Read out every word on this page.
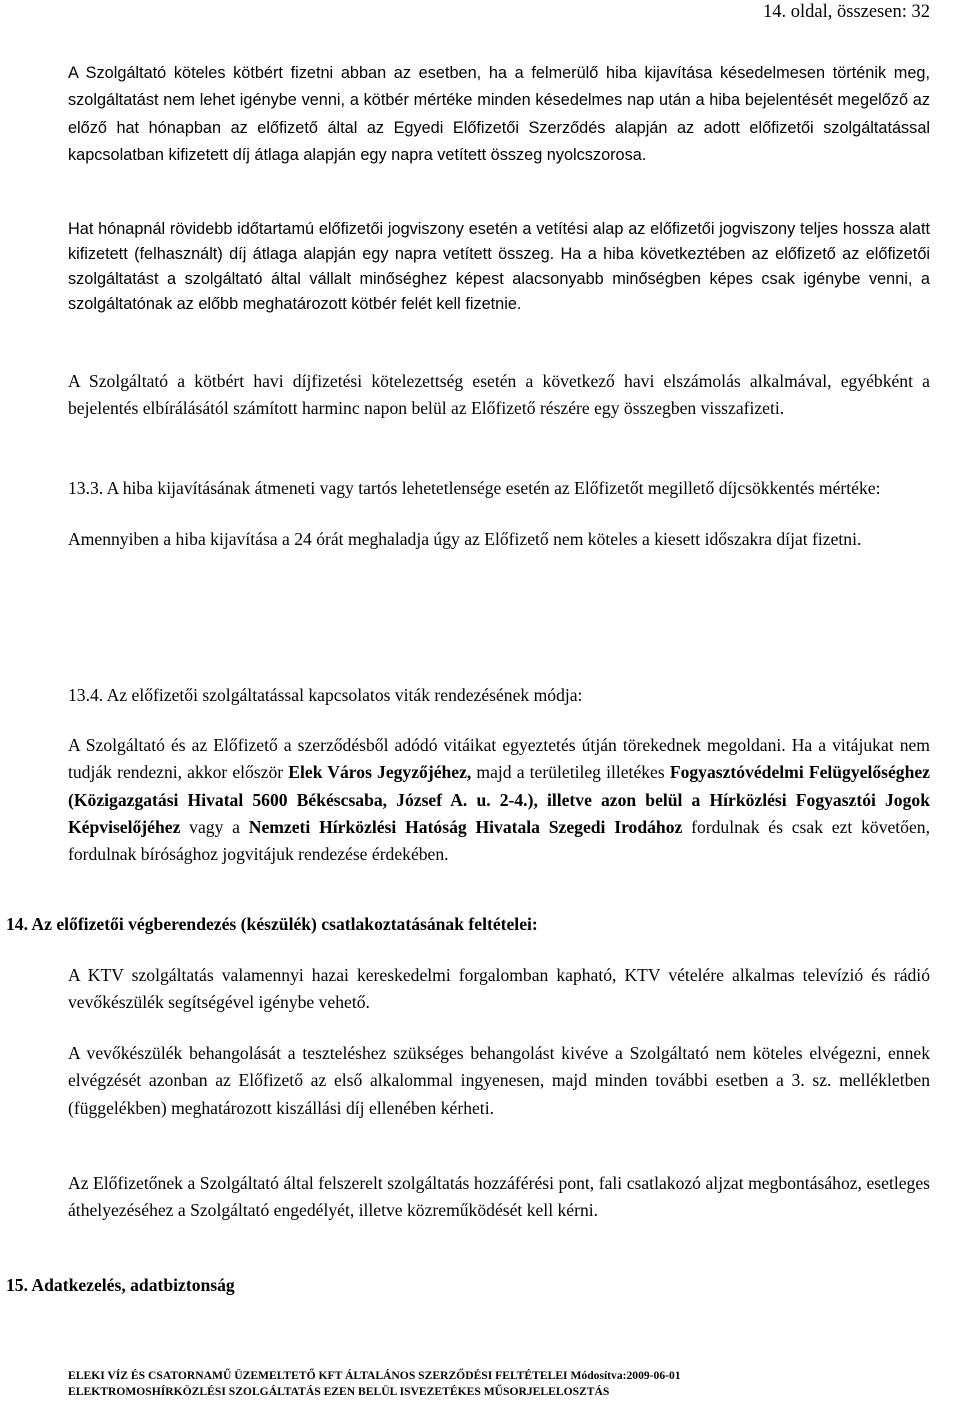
14. oldal, összesen: 32

A Szolgáltató köteles kötbért fizetni abban az esetben, ha a felmerülő hiba kijavítása késedelmesen történik meg, szolgáltatást nem lehet igénybe venni, a kötbér mértéke minden késedelmes nap után a hiba bejelentését megelőző az előző hat hónapban az előfizető által az Egyedi Előfizetői Szerződés alapján az adott előfizetői szolgáltatással kapcsolatban kifizetett díj átlaga alapján egy napra vetített összeg nyolcszorosa.

Hat hónapnál rövidebb időtartamú előfizetői jogviszony esetén a vetítési alap az előfizetői jogviszony teljes hossza alatt kifizetett (felhasznált) díj átlaga alapján egy napra vetített összeg. Ha a hiba következtében az előfizető az előfizetői szolgáltatást a szolgáltató által vállalt minőséghez képest alacsonyabb minőségben képes csak igénybe venni, a szolgáltatónak az előbb meghatározott kötbér felét kell fizetnie.

A Szolgáltató a kötbért havi díjfizetési kötelezettség esetén a következő havi elszámolás alkalmával, egyébként a bejelentés elbírálásától számított harminc napon belül az Előfizető részére egy összegben visszafizeti.

13.3. A hiba kijavításának átmeneti vagy tartós lehetetlensége esetén az Előfizetőt megillető díjcsökkentés mértéke:

Amennyiben a hiba kijavítása a 24 órát meghaladja úgy az Előfizető nem köteles a kiesett időszakra díjat fizetni.

13.4. Az előfizetői szolgáltatással kapcsolatos viták rendezésének módja:

A Szolgáltató és az Előfizető a szerződésből adódó vitáikat egyeztetés útján törekednek megoldani. Ha a vitájukat nem tudják rendezni, akkor először Elek Város Jegyzőjéhez, majd a területileg illetékes Fogyasztóvédelmi Felügyelőséghez (Közigazgatási Hivatal 5600 Békéscsaba, József A. u. 2-4.), illetve azon belül a Hírközlési Fogyasztói Jogok Képviselőjéhez vagy a Nemzeti Hírközlési Hatóság Hivatala Szegedi Irodához fordulnak és csak ezt követően, fordulnak bírósághoz jogvitájuk rendezése érdekében.

14. Az előfizetői végberendezés (készülék) csatlakoztatásának feltételei:

A KTV szolgáltatás valamennyi hazai kereskedelmi forgalomban kapható, KTV vételére alkalmas televízió és rádió vevőkészülék segítségével igénybe vehető.

A vevőkészülék behangolását a teszteléshez szükséges behangolást kivéve a Szolgáltató nem köteles elvégezni, ennek elvégzését azonban az Előfizető az első alkalommal ingyenesen, majd minden további esetben a 3. sz. mellékletben (függelékben) meghatározott kiszállási díj ellenében kérheti.

Az Előfizetőnek a Szolgáltató által felszerelt szolgáltatás hozzáférési pont, fali csatlakozó aljzat megbontásához, esetleges áthelyezéséhez a Szolgáltató engedélyét, illetve közreműködését kell kérni.

15. Adatkezelés, adatbiztonság

ELEKI VÍZ ÉS CSATORNAMŰ ÜZEMELTETŐ KFT ÁLTALÁNOS SZERZŐDÉSI FELTÉTELEI Módosítva:2009-06-01
ELEKTROMOSHÍRKÖZLÉSI SZOLGÁLTATÁS EZEN BELÜL ISVEZETÉKES MŰSORJELELOSZTÁS
